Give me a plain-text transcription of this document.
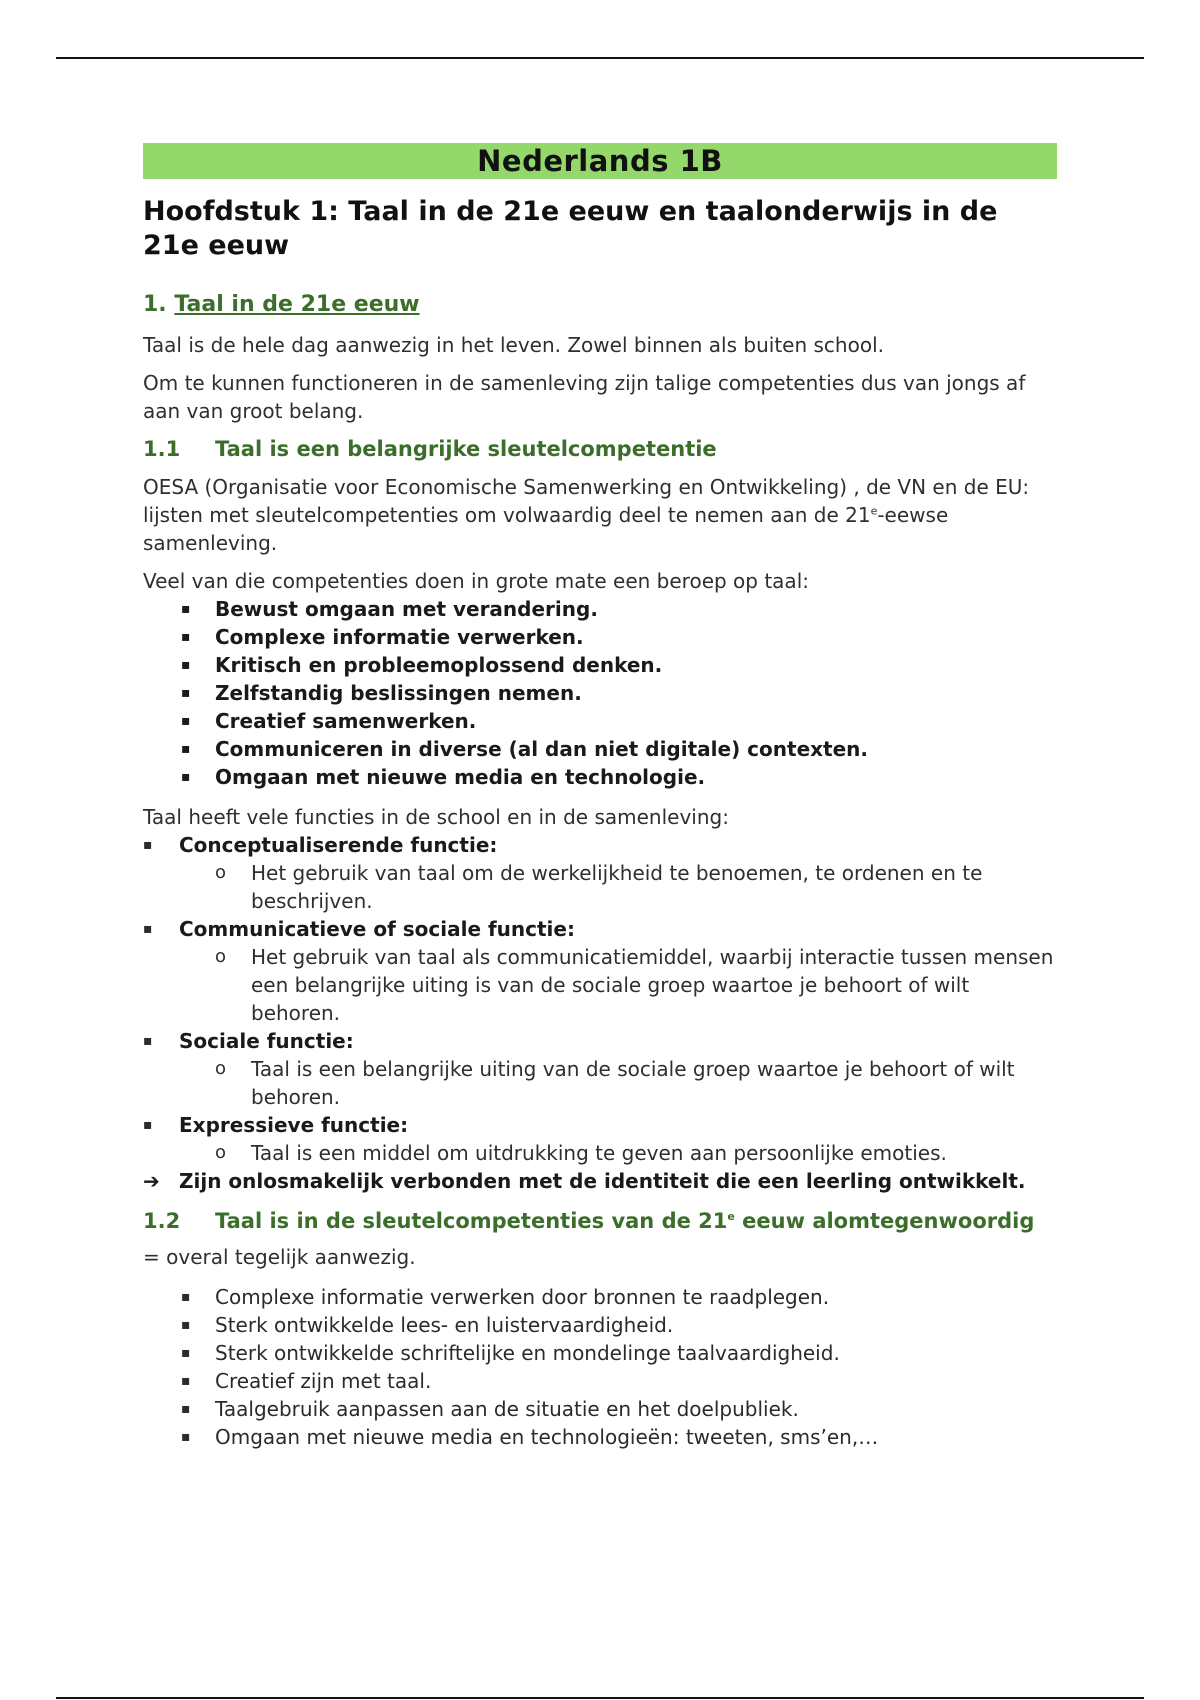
Nederlands 1B
Hoofdstuk 1: Taal in de 21e eeuw en taalonderwijs in de 21e eeuw
1. Taal in de 21e eeuw

Taal is de hele dag aanwezig in het leven. Zowel binnen als buiten school.

Om te kunnen functioneren in de samenleving zijn talige competenties dus van jongs af aan van groot belang.

1.1 Taal is een belangrijke sleutelcompetentie

OESA (Organisatie voor Economische Samenwerking en Ontwikkeling) , de VN en de EU: lijsten met sleutelcompetenties om volwaardig deel te nemen aan de 21e-eewse samenleving.

Veel van die competenties doen in grote mate een beroep op taal:

▪ Bewust omgaan met verandering.
▪ Complexe informatie verwerken.
▪ Kritisch en probleemoplossend denken.
▪ Zelfstandig beslissingen nemen.
▪ Creatief samenwerken.
▪ Communiceren in diverse (al dan niet digitale) contexten.
▪ Omgaan met nieuwe media en technologie.

Taal heeft vele functies in de school en in de samenleving:

▪ Conceptualiserende functie:
o Het gebruik van taal om de werkelijkheid te benoemen, te ordenen en te beschrijven.
▪ Communicatieve of sociale functie:
o Het gebruik van taal als communicatiemiddel, waarbij interactie tussen mensen een belangrijke uiting is van de sociale groep waartoe je behoort of wilt behoren.
▪ Sociale functie:
o Taal is een belangrijke uiting van de sociale groep waartoe je behoort of wilt behoren.
▪ Expressieve functie:
o Taal is een middel om uitdrukking te geven aan persoonlijke emoties.
➔ Zijn onlosmakelijk verbonden met de identiteit die een leerling ontwikkelt.
1.2 Taal is in de sleutelcompetenties van de 21e eeuw alomtegenwoordig

= overal tegelijk aanwezig.

▪ Complexe informatie verwerken door bronnen te raadplegen.
▪ Sterk ontwikkelde lees- en luistervaardigheid.
▪ Sterk ontwikkelde schriftelijke en mondelinge taalvaardigheid.
▪ Creatief zijn met taal.
▪ Taalgebruik aanpassen aan de situatie en het doelpubliek.
▪ Omgaan met nieuwe media en technologieën: tweeten, sms’en,…
